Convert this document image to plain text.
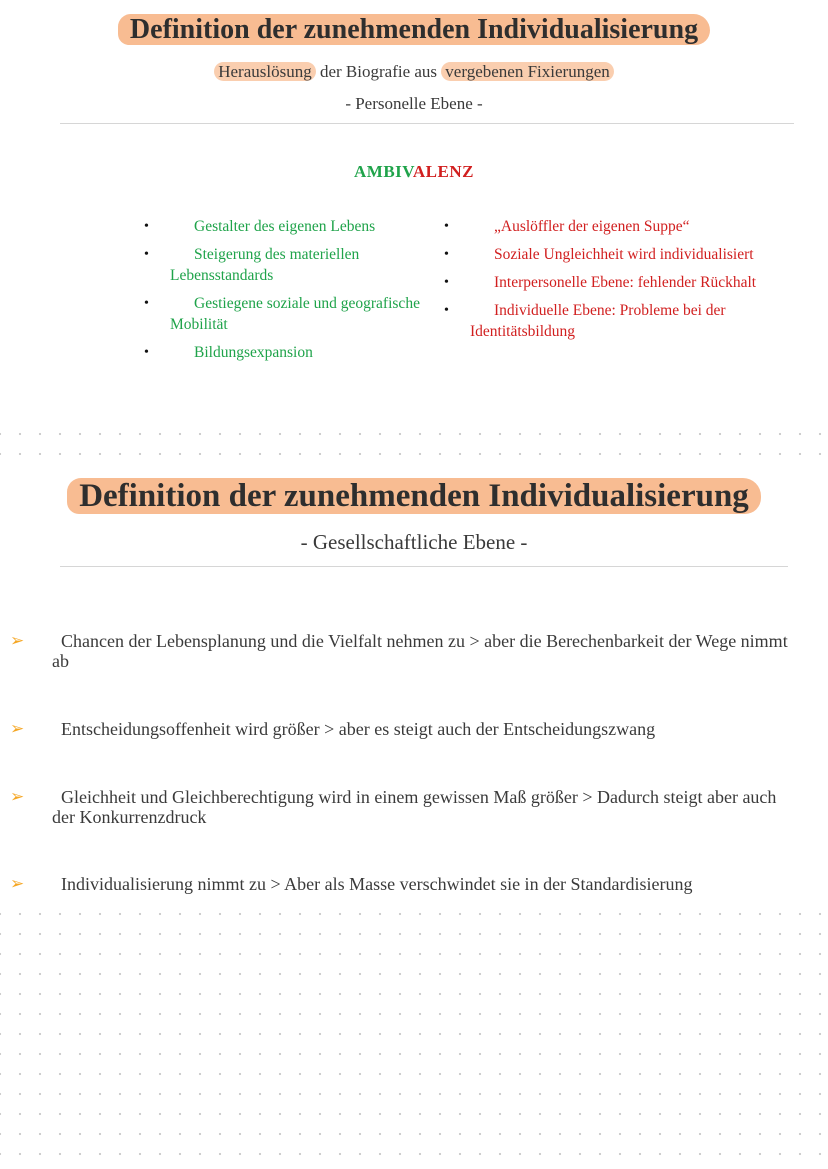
Definition der zunehmenden Individualisierung
Herauslösung der Biografie aus vergebenen Fixierungen
- Personelle Ebene -
AMBIVALENZ
• Gestalter des eigenen Lebens
• Steigerung des materiellen Lebensstandards
• Gestiegene soziale und geografische Mobilität
• Bildungsexpansion
• „Auslöffler der eigenen Suppe“
• Soziale Ungleichheit wird individualisiert
• Interpersonelle Ebene: fehlender Rückhalt
• Individuelle Ebene: Probleme bei der Identitätsbildung
Definition der zunehmenden Individualisierung
- Gesellschaftliche Ebene -
➢ Chancen der Lebensplanung und die Vielfalt nehmen zu > aber die Berechenbarkeit der Wege nimmt ab
➢ Entscheidungsoffenheit wird größer > aber es steigt auch der Entscheidungszwang
➢ Gleichheit und Gleichberechtigung wird in einem gewissen Maß größer > Dadurch steigt aber auch der Konkurrenzdruck
➢ Individualisierung nimmt zu > Aber als Masse verschwindet sie in der Standardisierung
